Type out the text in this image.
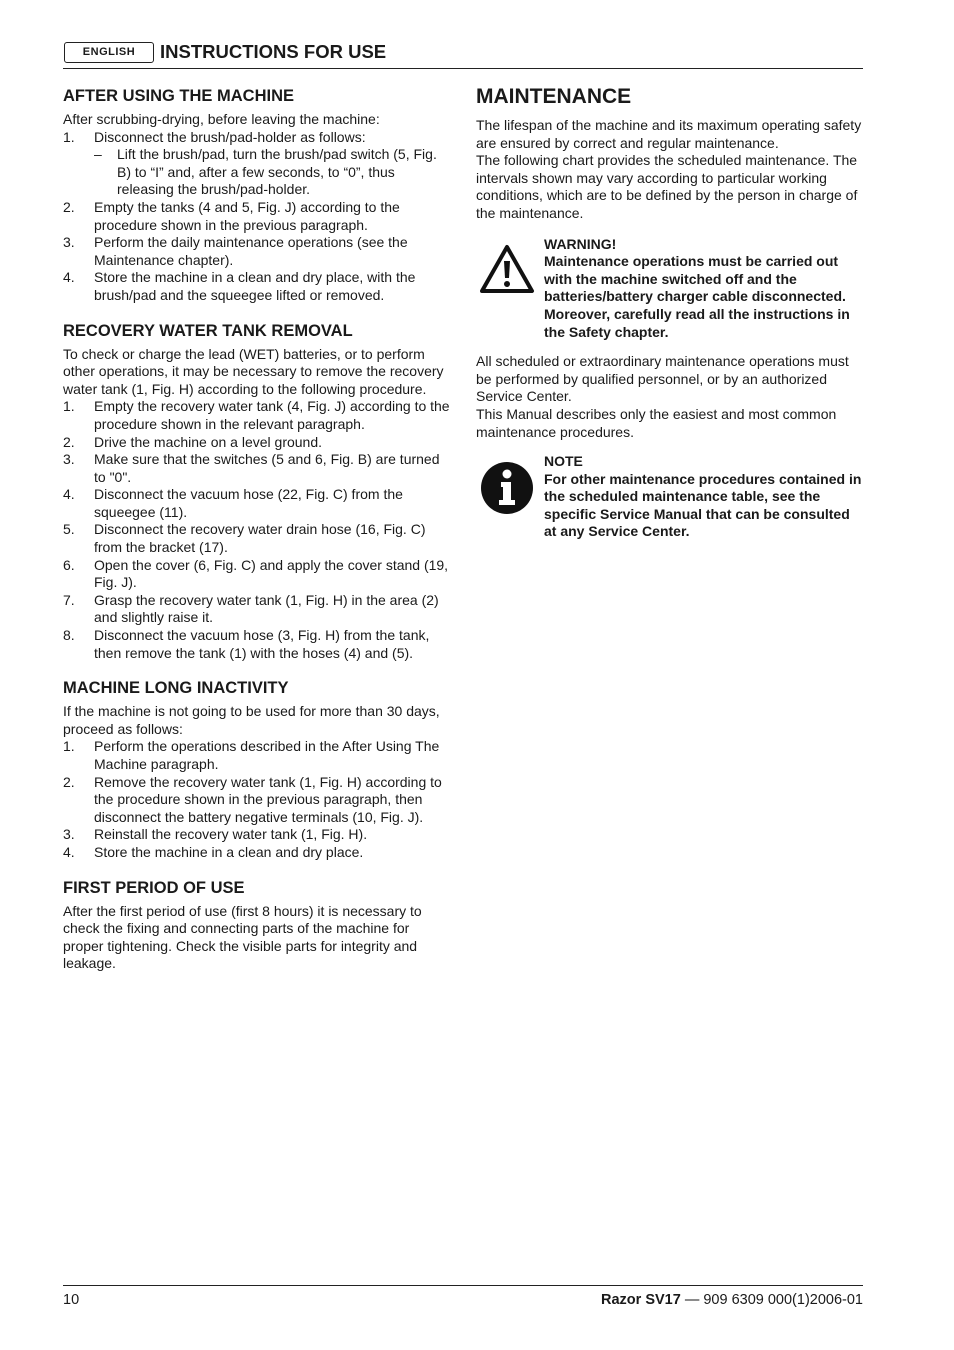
ENGLISH	INSTRUCTIONS FOR USE
AFTER USING THE MACHINE

After scrubbing-drying, before leaving the machine:

1. Disconnect the brush/pad-holder as follows:
– Lift the brush/pad, turn the brush/pad switch (5, Fig. B) to “I” and, after a few seconds, to “0”, thus releasing the brush/pad-holder.
2. Empty the tanks (4 and 5, Fig. J) according to the procedure shown in the previous paragraph.
3. Perform the daily maintenance operations (see the Maintenance chapter).
4. Store the machine in a clean and dry place, with the brush/pad and the squeegee lifted or removed.
RECOVERY WATER TANK REMOVAL

To check or charge the lead (WET) batteries, or to perform other operations, it may be necessary to remove the recovery water tank (1, Fig. H) according to the following procedure.

1. Empty the recovery water tank (4, Fig. J) according to the procedure shown in the relevant paragraph.
2. Drive the machine on a level ground.
3. Make sure that the switches (5 and 6, Fig. B) are turned to "0".
4. Disconnect the vacuum hose (22, Fig. C) from the squeegee (11).
5. Disconnect the recovery water drain hose (16, Fig. C) from the bracket (17).
6. Open the cover (6, Fig. C) and apply the cover stand (19, Fig. J).
7. Grasp the recovery water tank (1, Fig. H) in the area (2) and slightly raise it.
8. Disconnect the vacuum hose (3, Fig. H) from the tank, then remove the tank (1) with the hoses (4) and (5).
MACHINE LONG INACTIVITY

If the machine is not going to be used for more than 30 days, proceed as follows:

1. Perform the operations described in the After Using The Machine paragraph.
2. Remove the recovery water tank (1, Fig. H) according to the procedure shown in the previous paragraph, then disconnect the battery negative terminals (10, Fig. J).
3. Reinstall the recovery water tank (1, Fig. H).
4. Store the machine in a clean and dry place.
FIRST PERIOD OF USE

After the first period of use (first 8 hours) it is necessary to check the fixing and connecting parts of the machine for proper tightening. Check the visible parts for integrity and leakage.

MAINTENANCE

The lifespan of the machine and its maximum operating safety are ensured by correct and regular maintenance.

The following chart provides the scheduled maintenance. The intervals shown may vary according to particular working conditions, which are to be defined by the person in charge of the maintenance.

WARNING!
Maintenance operations must be carried out with the machine switched off and the batteries/battery charger cable disconnected. Moreover, carefully read all the instructions in the Safety chapter.

All scheduled or extraordinary maintenance operations must be performed by qualified personnel, or by an authorized Service Center.

This Manual describes only the easiest and most common maintenance procedures.

NOTE
For other maintenance procedures contained in the scheduled maintenance table, see the specific Service Manual that can be consulted at any Service Center.
10	Razor SV17 — 909 6309 000(1)2006-01
